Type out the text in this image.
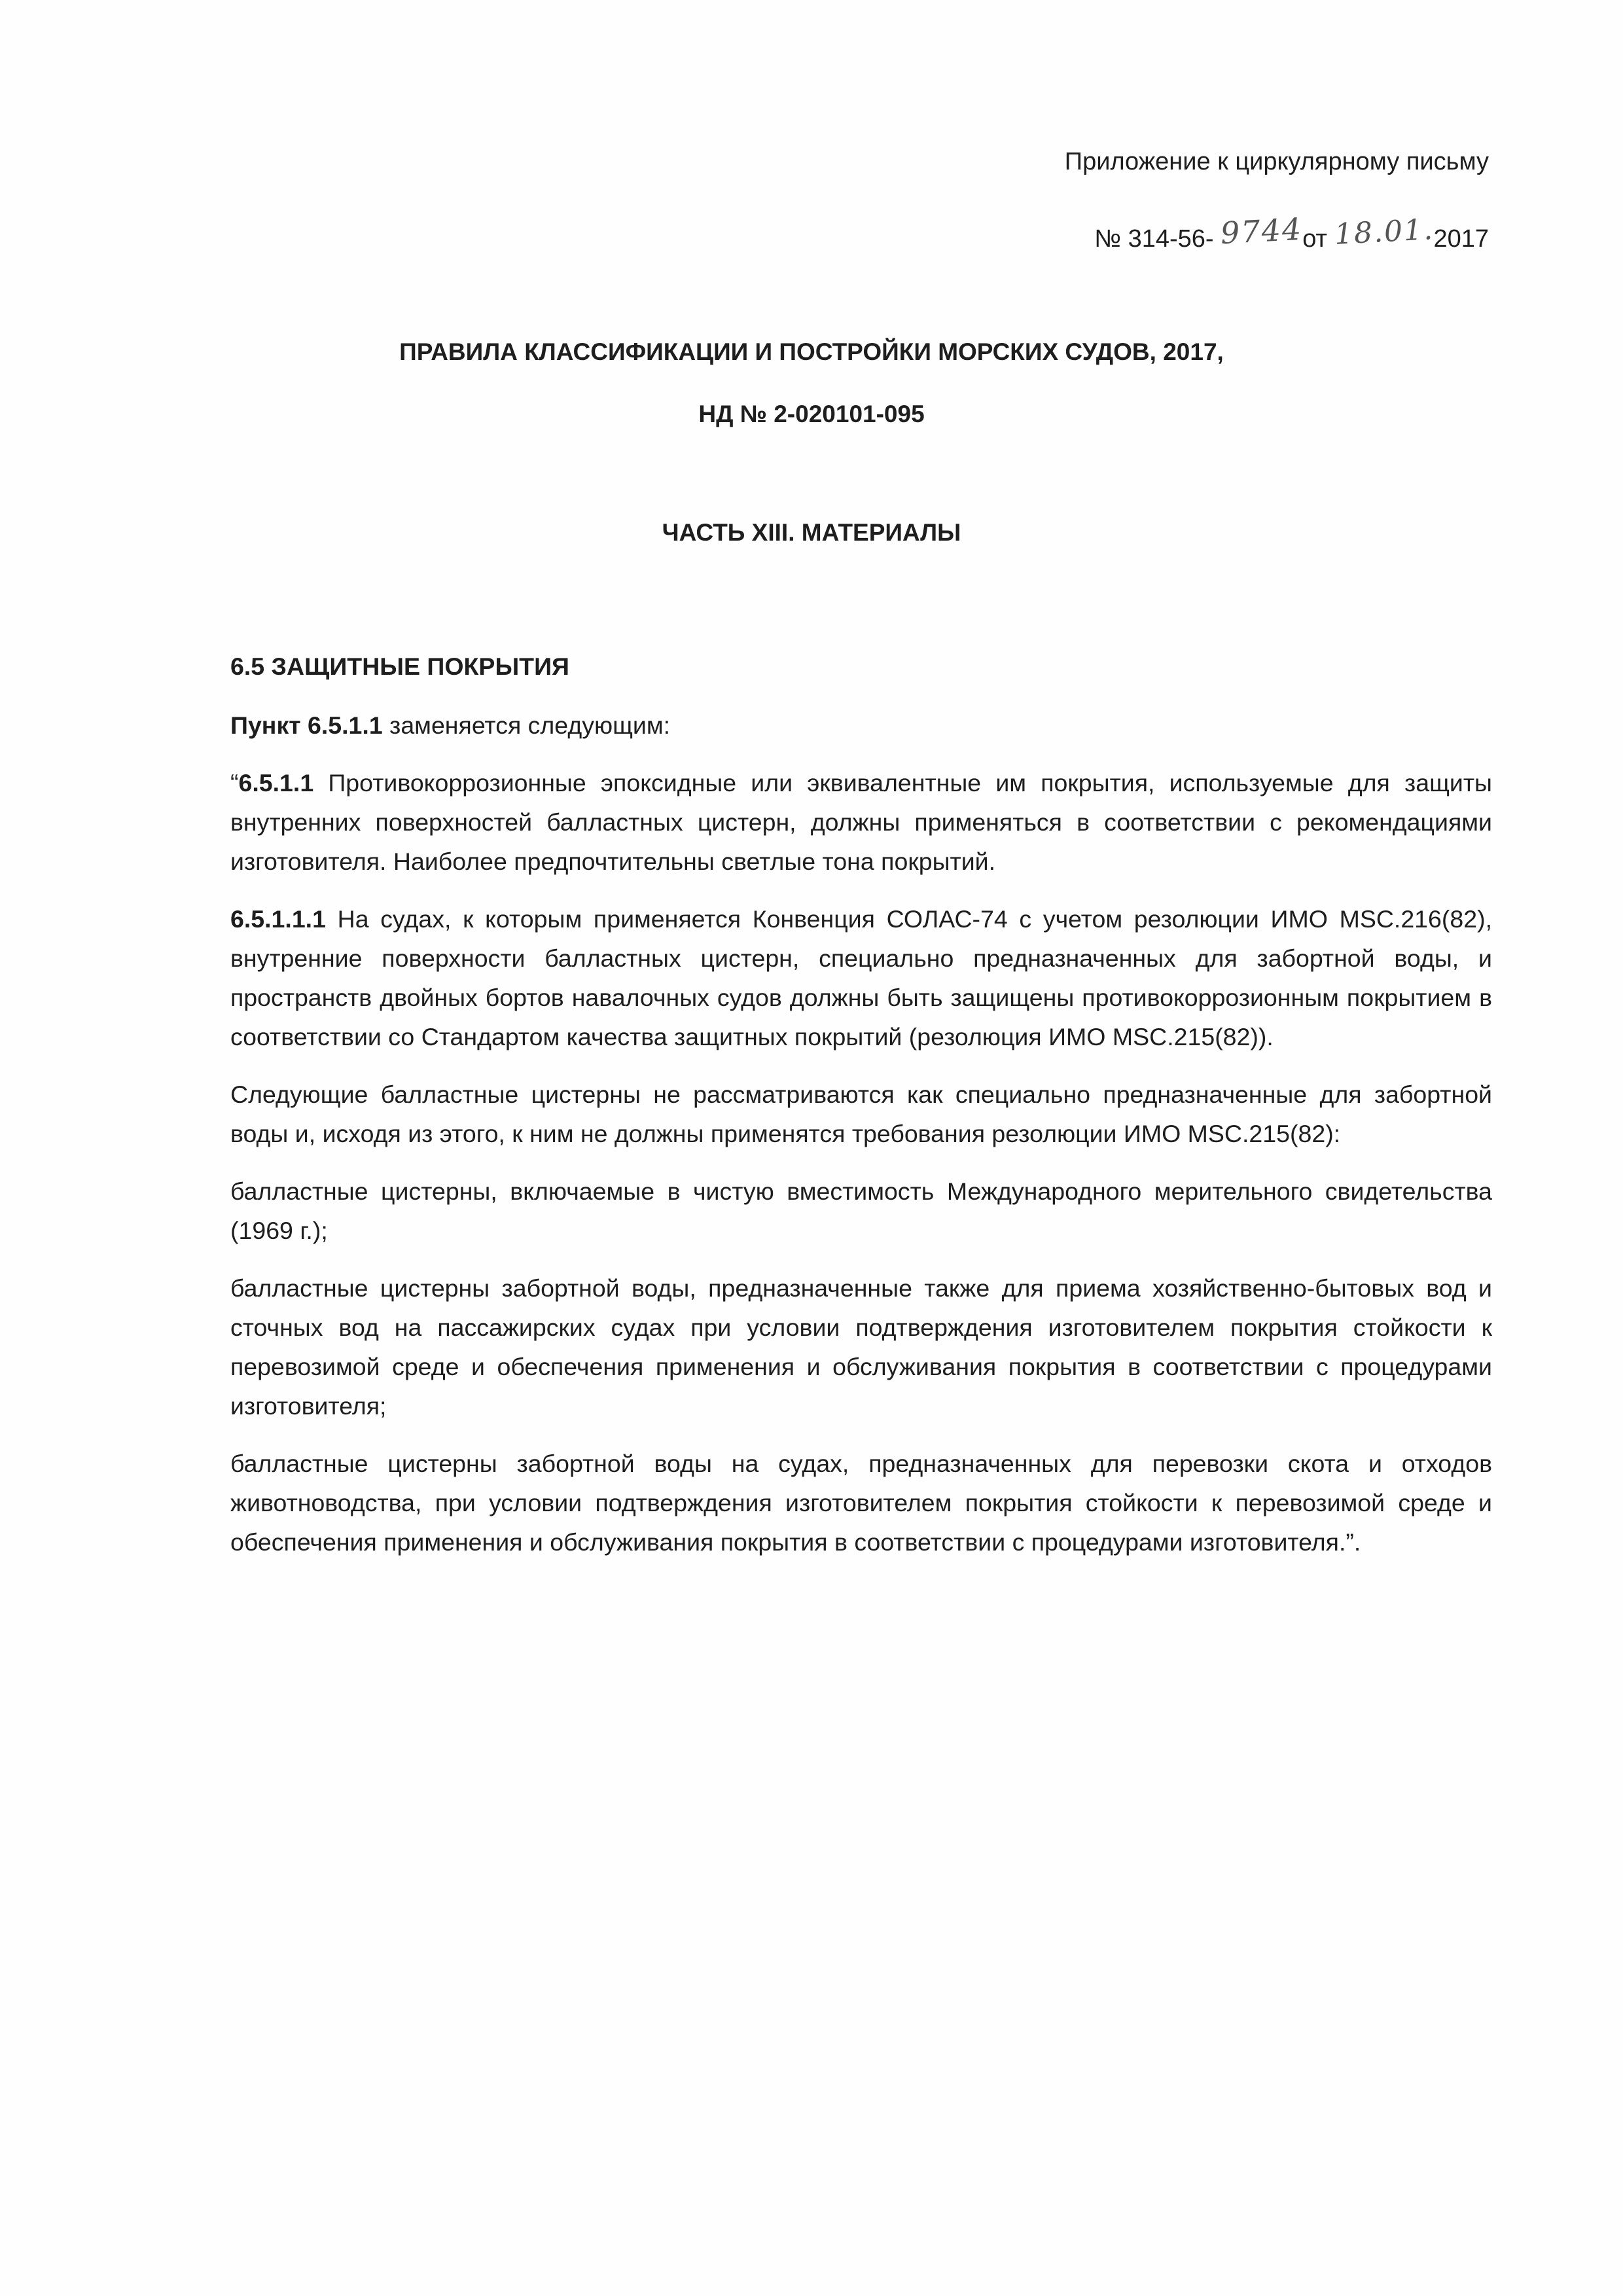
Приложение к циркулярному письму
№ 314-56- 9744от 18.01.2017
ПРАВИЛА КЛАССИФИКАЦИИ И ПОСТРОЙКИ МОРСКИХ СУДОВ, 2017,
НД № 2-020101-095
ЧАСТЬ XIII. МАТЕРИАЛЫ

6.5 ЗАЩИТНЫЕ ПОКРЫТИЯ

Пункт 6.5.1.1 заменяется следующим:

“6.5.1.1 Противокоррозионные эпоксидные или эквивалентные им покрытия, используемые для защиты внутренних поверхностей балластных цистерн, должны применяться в соответствии с рекомендациями изготовителя. Наиболее предпочтительны светлые тона покрытий.

6.5.1.1.1 На судах, к которым применяется Конвенция СОЛАС-74 с учетом резолюции ИМО MSC.216(82), внутренние поверхности балластных цистерн, специально предназначенных для забортной воды, и пространств двойных бортов навалочных судов должны быть защищены противокоррозионным покрытием в соответствии со Стандартом качества защитных покрытий (резолюция ИМО MSC.215(82)).

Следующие балластные цистерны не рассматриваются как специально предназначенные для забортной воды и, исходя из этого, к ним не должны применятся требования резолюции ИМО MSC.215(82):

балластные цистерны, включаемые в чистую вместимость Международного мерительного свидетельства (1969 г.);

балластные цистерны забортной воды, предназначенные также для приема хозяйственно-бытовых вод и сточных вод на пассажирских судах при условии подтверждения изготовителем покрытия стойкости к перевозимой среде и обеспечения применения и обслуживания покрытия в соответствии с процедурами изготовителя;

балластные цистерны забортной воды на судах, предназначенных для перевозки скота и отходов животноводства, при условии подтверждения изготовителем покрытия стойкости к перевозимой среде и обеспечения применения и обслуживания покрытия в соответствии с процедурами изготовителя.”.
